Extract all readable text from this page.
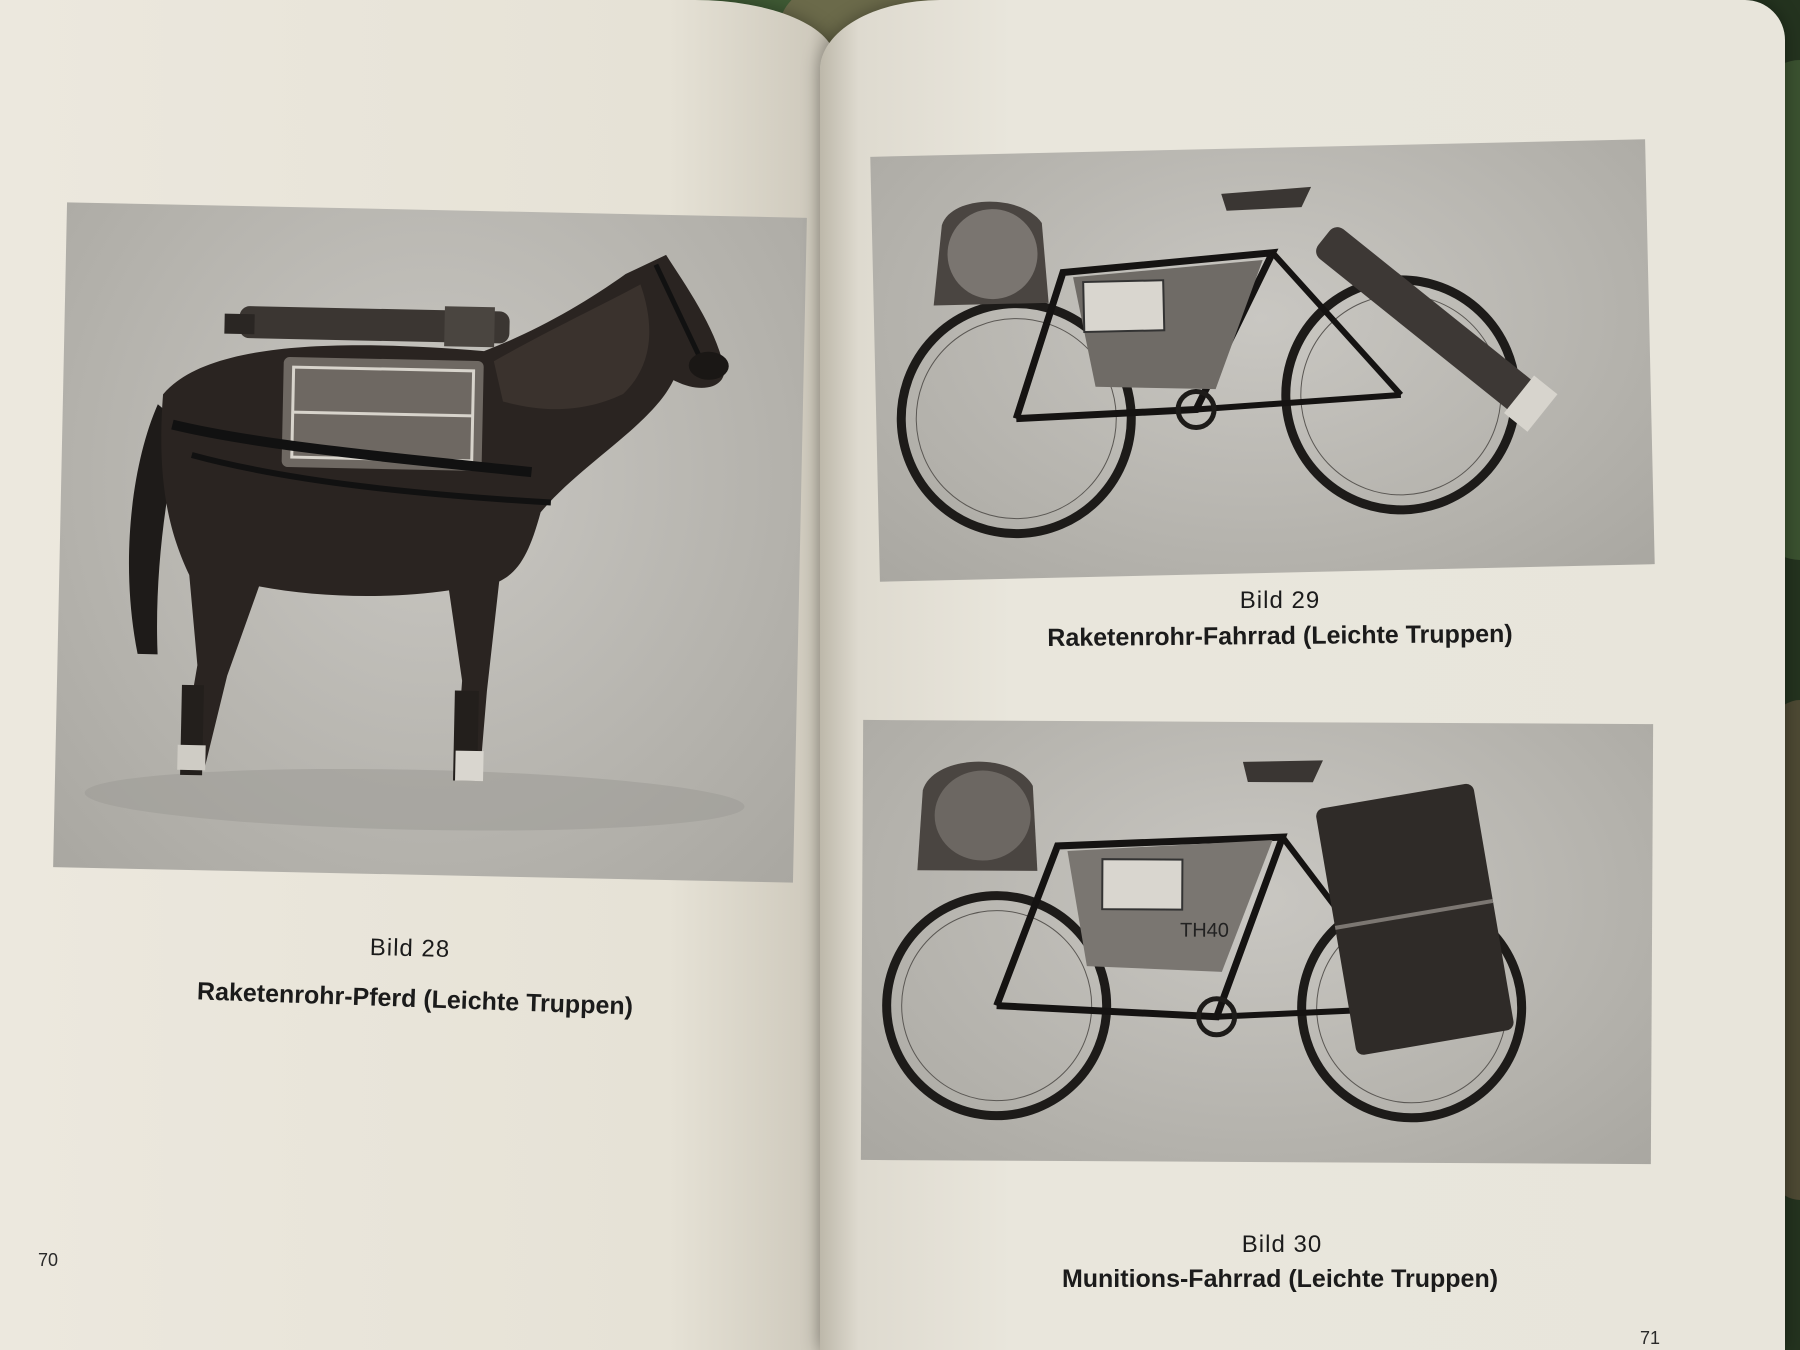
Bild 28
Raketenrohr-Pferd (Leichte Truppen)
70
Bild 29
Raketenrohr-Fahrrad (Leichte Truppen)
TH40
Bild 30
Munitions-Fahrrad (Leichte Truppen)
71
